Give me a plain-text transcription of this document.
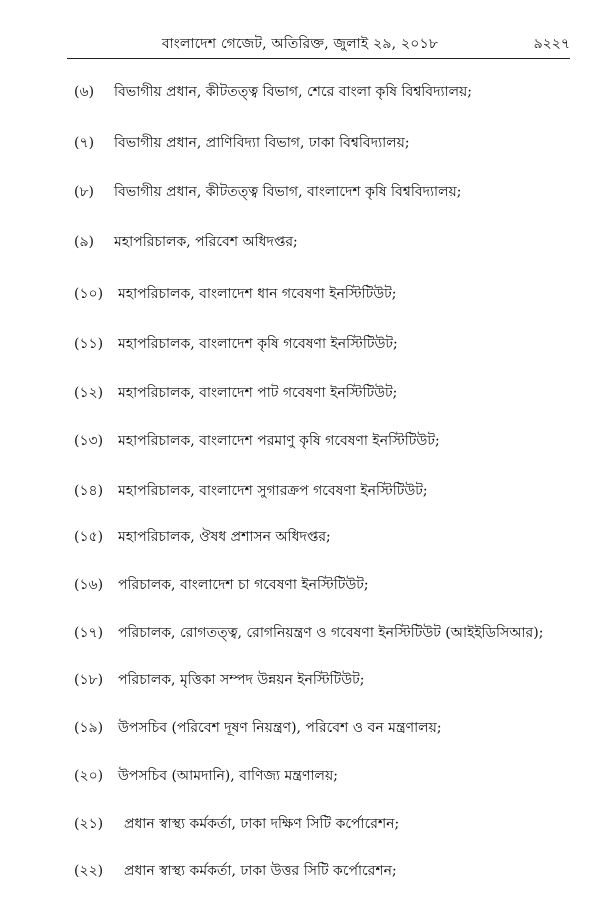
বাংলাদেশ গেজেট, অতিরিক্ত, জুলাই ২৯, ২০১৮	৯২২৭
(৬) বিভাগীয় প্রধান, কীটতত্ত্ব বিভাগ, শেরে বাংলা কৃষি বিশ্ববিদ্যালয়;
(৭) বিভাগীয় প্রধান, প্রাণিবিদ্যা বিভাগ, ঢাকা বিশ্ববিদ্যালয়;
(৮) বিভাগীয় প্রধান, কীটতত্ত্ব বিভাগ, বাংলাদেশ কৃষি বিশ্ববিদ্যালয়;
(৯) মহাপরিচালক, পরিবেশ অধিদপ্তর;
(১০) মহাপরিচালক, বাংলাদেশ ধান গবেষণা ইনস্টিটিউট;
(১১) মহাপরিচালক, বাংলাদেশ কৃষি গবেষণা ইনস্টিটিউট;
(১২) মহাপরিচালক, বাংলাদেশ পাট গবেষণা ইনস্টিটিউট;
(১৩) মহাপরিচালক, বাংলাদেশ পরমাণু কৃষি গবেষণা ইনস্টিটিউট;
(১৪) মহাপরিচালক, বাংলাদেশ সুগারক্রপ গবেষণা ইনস্টিটিউট;
(১৫) মহাপরিচালক, ঔষধ প্রশাসন অধিদপ্তর;
(১৬) পরিচালক, বাংলাদেশ চা গবেষণা ইনস্টিটিউট;
(১৭) পরিচালক, রোগতত্ত্ব, রোগনিয়ন্ত্রণ ও গবেষণা ইনস্টিটিউট (আইইডিসিআর);
(১৮) পরিচালক, মৃত্তিকা সম্পদ উন্নয়ন ইনস্টিটিউট;
(১৯) উপসচিব (পরিবেশ দূষণ নিয়ন্ত্রণ), পরিবেশ ও বন মন্ত্রণালয়;
(২০) উপসচিব (আমদানি), বাণিজ্য মন্ত্রণালয়;
(২১) প্রধান স্বাস্থ্য কর্মকর্তা, ঢাকা দক্ষিণ সিটি কর্পোরেশন;
(২২) প্রধান স্বাস্থ্য কর্মকর্তা, ঢাকা উত্তর সিটি কর্পোরেশন;
